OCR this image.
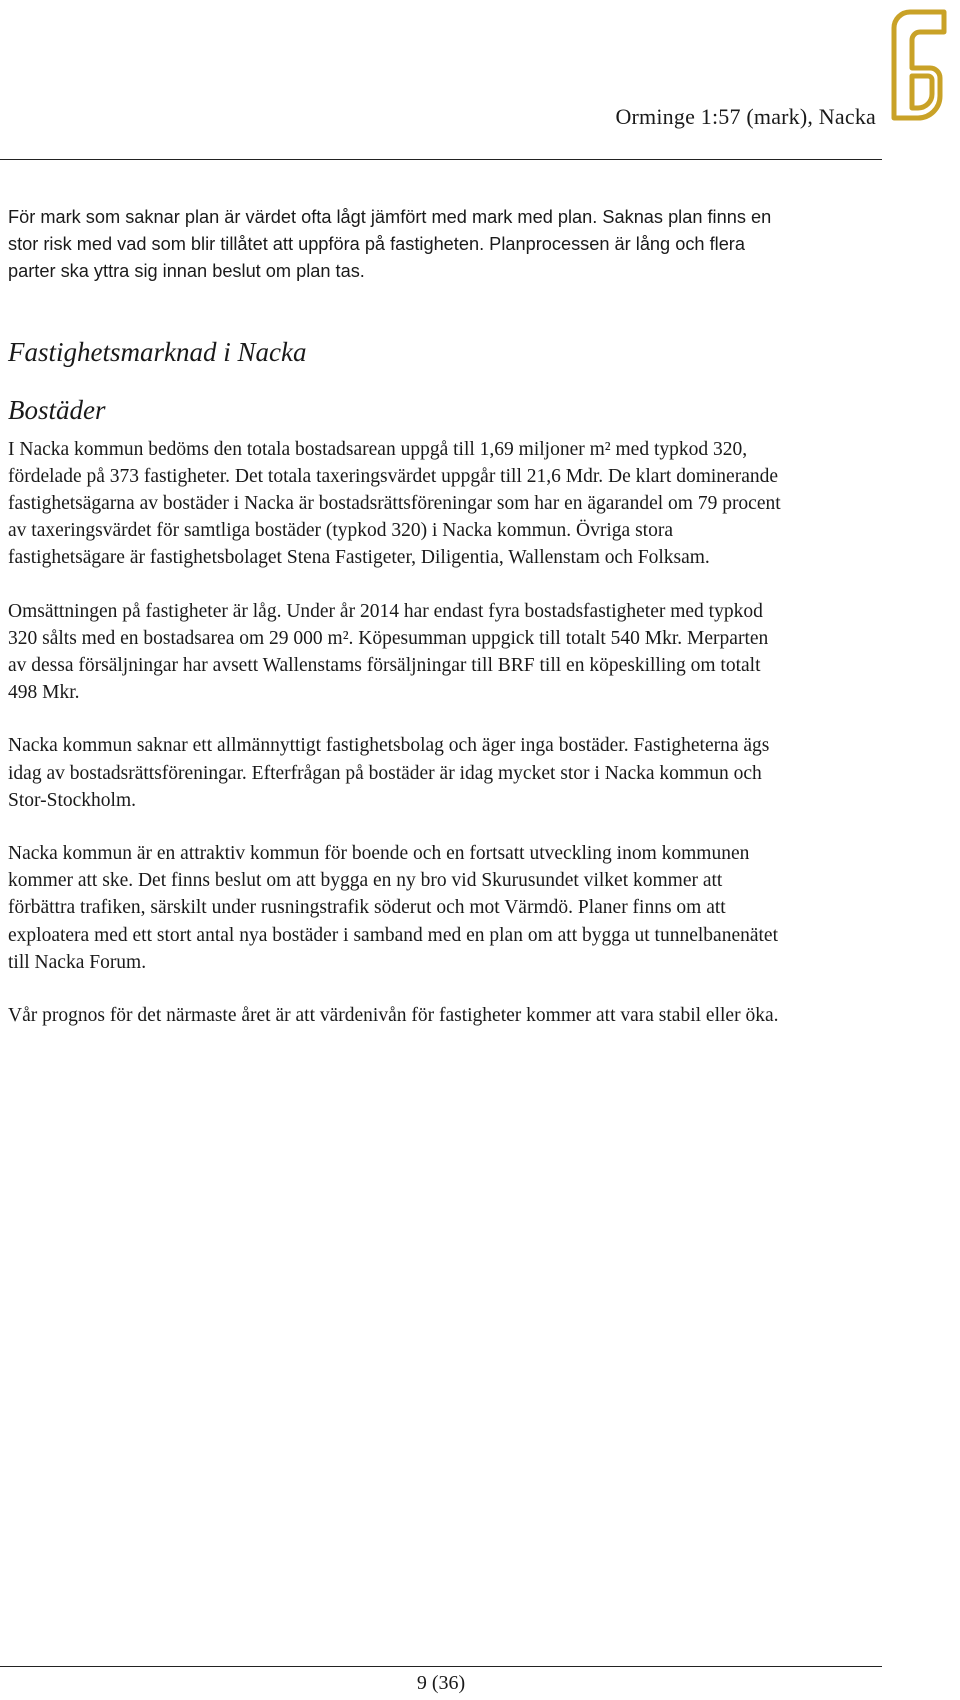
Orminge 1:57 (mark), Nacka

För mark som saknar plan är värdet ofta lågt jämfört med mark med plan. Saknas plan finns en stor risk med vad som blir tillåtet att uppföra på fastigheten. Planprocessen är lång och flera parter ska yttra sig innan beslut om plan tas.

Fastighetsmarknad i Nacka
Bostäder

I Nacka kommun bedöms den totala bostadsarean uppgå till 1,69 miljoner m² med typkod 320, fördelade på 373 fastigheter. Det totala taxeringsvärdet uppgår till 21,6 Mdr. De klart dominerande fastighetsägarna av bostäder i Nacka är bostadsrättsföreningar som har en ägarandel om 79 procent av taxeringsvärdet för samtliga bostäder (typkod 320) i Nacka kommun. Övriga stora fastighetsägare är fastighetsbolaget Stena Fastigeter, Diligentia, Wallenstam och Folksam.

Omsättningen på fastigheter är låg. Under år 2014 har endast fyra bostadsfastigheter med typkod 320 sålts med en bostadsarea om 29 000 m². Köpesumman uppgick till totalt 540 Mkr. Merparten av dessa försäljningar har avsett Wallenstams försäljningar till BRF till en köpeskilling om totalt 498 Mkr.

Nacka kommun saknar ett allmännyttigt fastighetsbolag och äger inga bostäder. Fastigheterna ägs idag av bostadsrättsföreningar. Efterfrågan på bostäder är idag mycket stor i Nacka kommun och Stor-Stockholm.

Nacka kommun är en attraktiv kommun för boende och en fortsatt utveckling inom kommunen kommer att ske. Det finns beslut om att bygga en ny bro vid Skurusundet vilket kommer att förbättra trafiken, särskilt under rusningstrafik söderut och mot Värmdö. Planer finns om att exploatera med ett stort antal nya bostäder i samband med en plan om att bygga ut tunnelbanenätet till Nacka Forum.

Vår prognos för det närmaste året är att värdenivån för fastigheter kommer att vara stabil eller öka.

9 (36)
